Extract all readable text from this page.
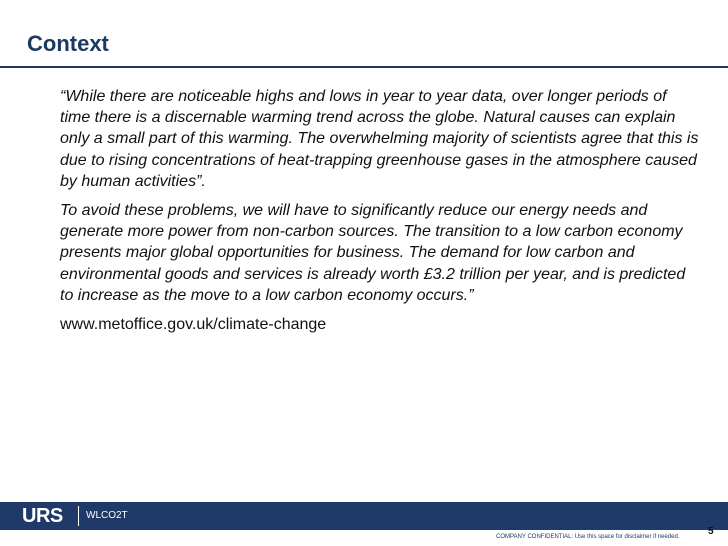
Context

“While there are noticeable highs and lows in year to year data, over longer periods of time there is a discernable warming trend across the globe. Natural causes can explain only a small part of this warming. The overwhelming majority of scientists agree that this is due to rising concentrations of heat-trapping greenhouse gases in the atmosphere caused by human activities”.

To avoid these problems, we will have to significantly reduce our energy needs and generate more power from non-carbon sources. The transition to a low carbon economy presents major global opportunities for business. The demand for low carbon and environmental goods and services is already worth £3.2 trillion per year, and is predicted to increase as the move to a low carbon economy occurs.”

www.metoffice.gov.uk/climate-change

URS	WLCO2T
COMPANY CONFIDENTIAL: Use this space for disclaimer if needed.	5
